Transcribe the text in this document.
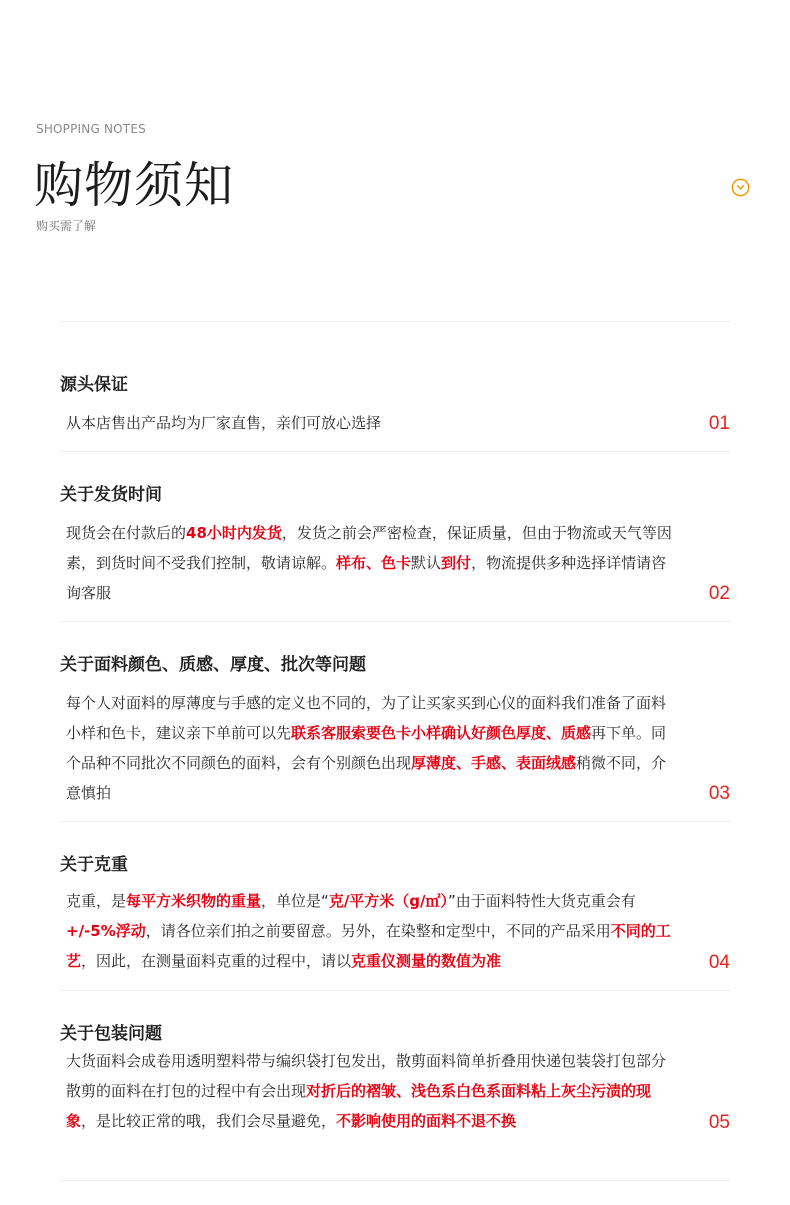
SHOPPING NOTES
购物须知
购买需了解
源头保证
从本店售出产品均为厂家直售，亲们可放心选择	01
关于发货时间
现货会在付款后的48小时内发货，发货之前会严密检查，保证质量，但由于物流或天气等因素，到货时间不受我们控制，敬请谅解。样布、色卡默认到付，物流提供多种选择详情请咨询客服	02
关于面料颜色、质感、厚度、批次等问题
每个人对面料的厚薄度与手感的定义也不同的，为了让买家买到心仪的面料我们准备了面料小样和色卡，建议亲下单前可以先联系客服索要色卡小样确认好颜色厚度、质感再下单。同个品种不同批次不同颜色的面料，会有个别颜色出现厚薄度、手感、表面绒感稍微不同，介意慎拍	03
关于克重
克重，是每平方米织物的重量，单位是“克/平方米（g/㎡）”由于面料特性大货克重会有+/-5%浮动，请各位亲们拍之前要留意。另外，在染整和定型中，不同的产品采用不同的工艺，因此，在测量面料克重的过程中，请以克重仪测量的数值为准	04
关于包装问题
大货面料会成卷用透明塑料带与编织袋打包发出，散剪面料简单折叠用快递包装袋打包部分散剪的面料在打包的过程中有会出现对折后的褶皱、浅色系白色系面料粘上灰尘污渍的现象，是比较正常的哦，我们会尽量避免，不影响使用的面料不退不换	05
